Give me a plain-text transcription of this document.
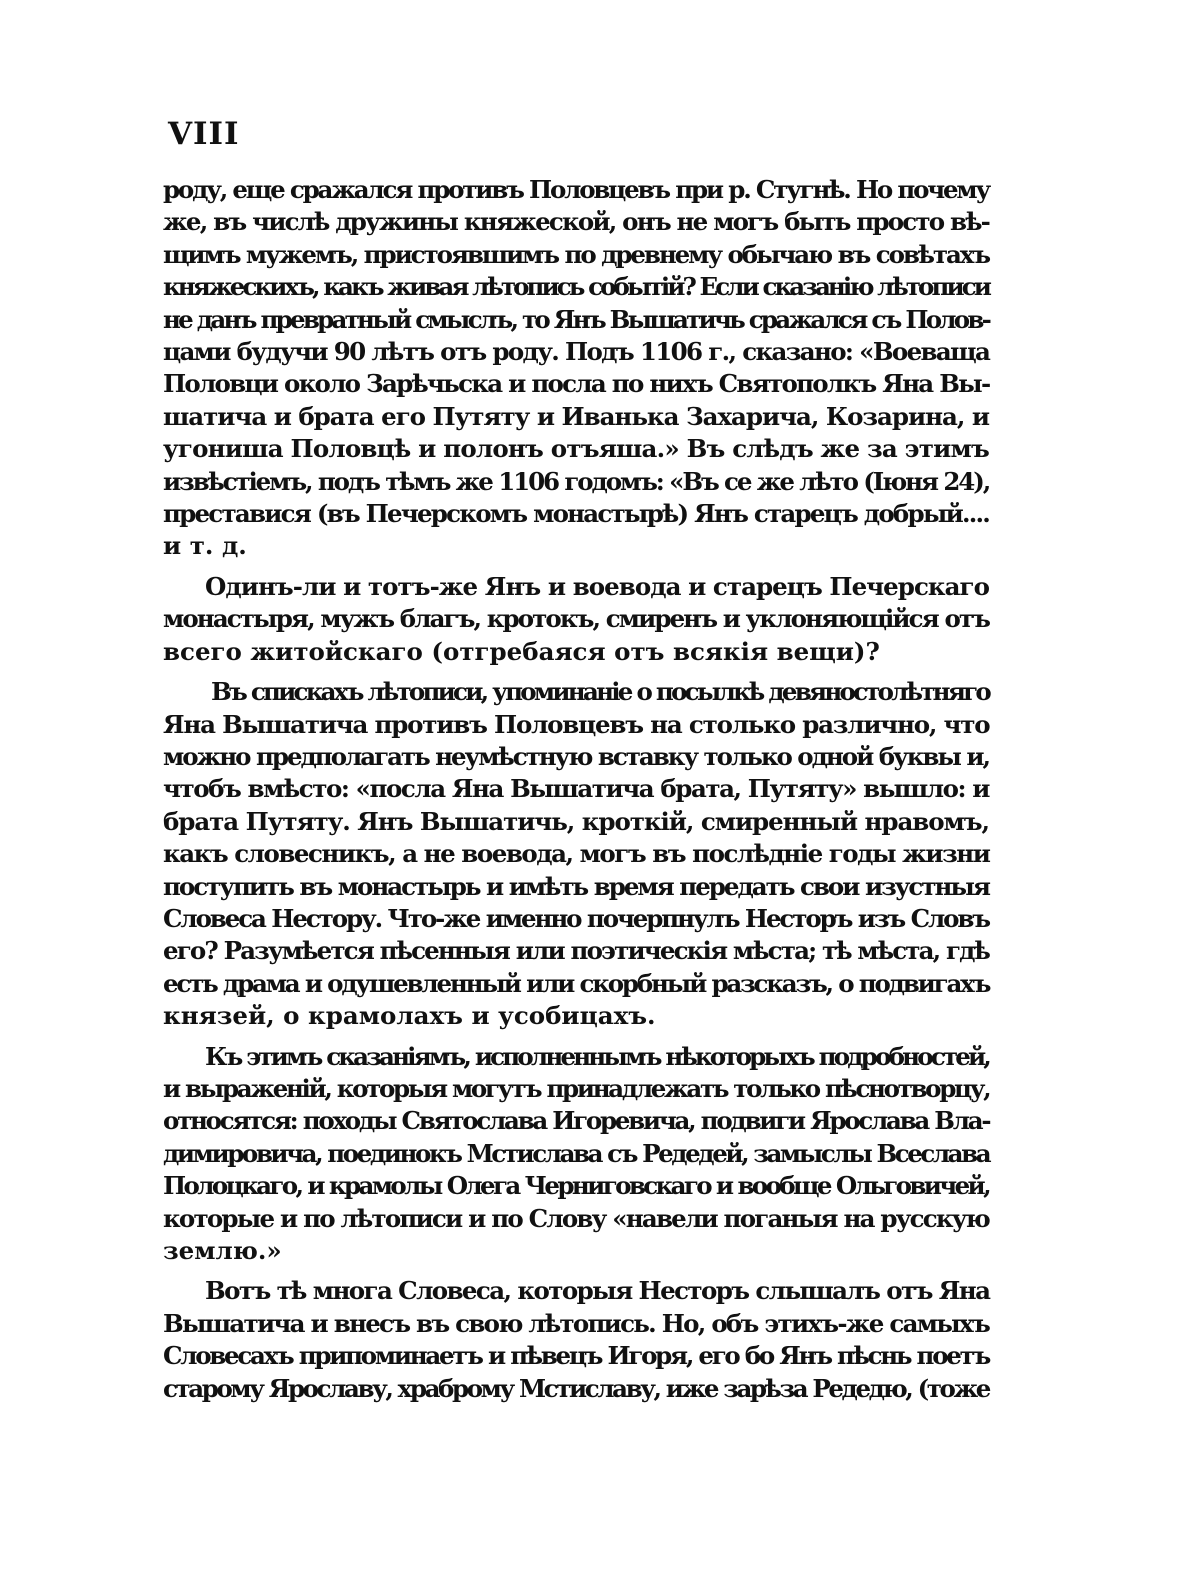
VIII
роду, еще сражался противъ Половцевъ при р. Стугнѣ. Но почему
же, въ числѣ дружины княжеской, онъ не могъ быть просто вѣ-
щимъ мужемъ, пристоявшимъ по древнему обычаю въ совѣтахъ
княжескихъ, какъ живая лѣтопись событій? Если сказанію лѣтописи
не данъ превратный смыслъ, то Янъ Вышатичь сражался съ Полов-
цами будучи 90 лѣтъ отъ роду. Подъ 1106 г., сказано: «Воеваща
Половци около Зарѣчьска и посла по нихъ Святополкъ Яна Вы-
шатича и брата его Путяту и Иванька Захарича, Козарина, и
угониша Половцѣ и полонъ отъяша.» Въ слѣдъ же за этимъ
извѣстіемъ, подъ тѣмъ же 1106 годомъ: «Въ се же лѣто (Іюня 24),
преставися (въ Печерскомъ монастырѣ) Янъ старецъ добрый....
и т. д.
Одинъ-ли и тотъ-же Янъ и воевода и старецъ Печерскаго
монастыря, мужъ благъ, кротокъ, смиренъ и уклоняющійся отъ
всего житойскаго (отгребаяся отъ всякія вещи)?
Въ спискахъ лѣтописи, упоминаніе о посылкѣ девяностолѣтняго
Яна Вышатича противъ Половцевъ на столько различно, что
можно предполагать неумѣстную вставку только одной буквы и,
чтобъ вмѣсто: «посла Яна Вышатича брата, Путяту» вышло: и
брата Путяту. Янъ Вышатичь, кроткій, смиренный нравомъ,
какъ словесникъ, а не воевода, могъ въ послѣдніе годы жизни
поступить въ монастырь и имѣть время передать свои изустныя
Словеса Нестору. Что-же именно почерпнулъ Несторъ изъ Словъ
его? Разумѣется пѣсенныя или поэтическія мѣста; тѣ мѣста, гдѣ
есть драма и одушевленный или скорбный разсказъ, о подвигахъ
князей, о крамолахъ и усобицахъ.
Къ этимъ сказаніямъ, исполненнымъ нѣкоторыхъ подробностей,
и выраженій, которыя могутъ принадлежать только пѣснотворцу,
относятся: походы Святослава Игоревича, подвиги Ярослава Вла-
димировича, поединокъ Мстислава съ Редедей, замыслы Всеслава
Полоцкаго, и крамолы Олега Черниговскаго и вообще Ольговичей,
которые и по лѣтописи и по Слову «навели поганыя на русскую
землю.»
Вотъ тѣ многа Словеса, которыя Несторъ слышалъ отъ Яна
Вышатича и внесъ въ свою лѣтопись. Но, объ этихъ-же самыхъ
Словесахъ припоминаетъ и пѣвецъ Игоря, его бо Янъ пѣснь поетъ
старому Ярославу, храброму Мстиславу, иже зарѣза Редедю, (тоже
